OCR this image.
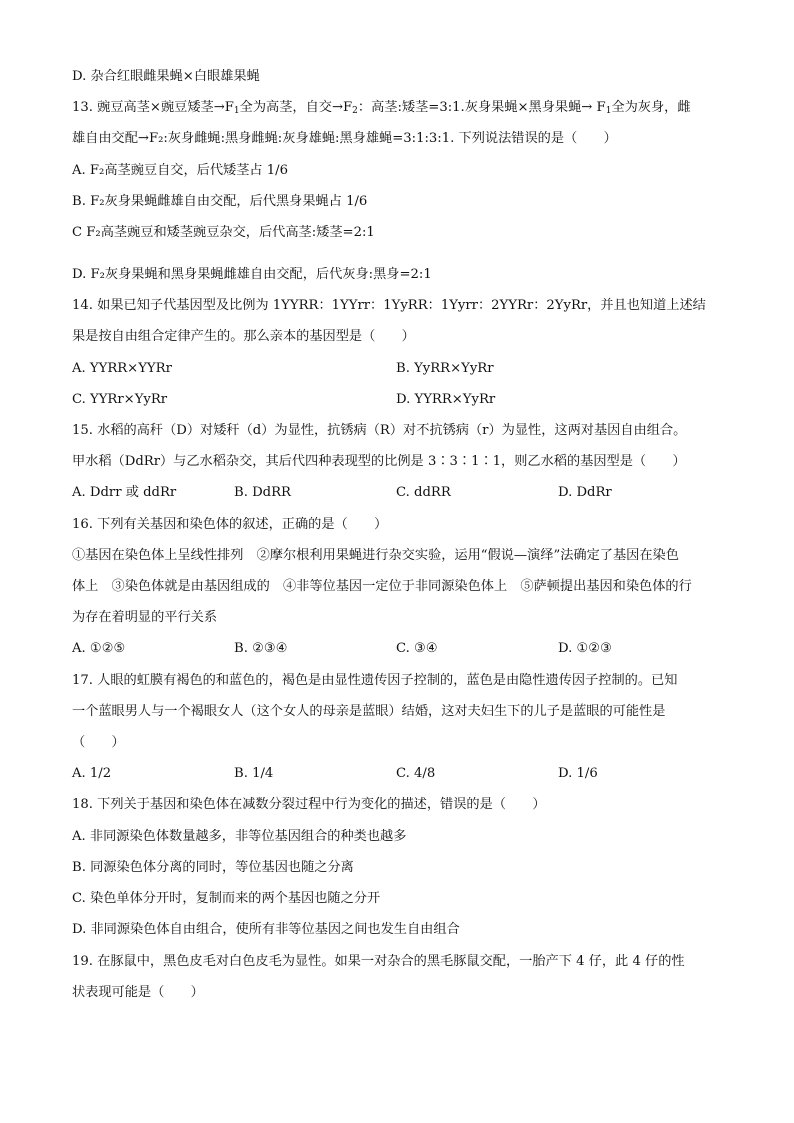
D. 杂合红眼雌果蝇×白眼雄果蝇
13. 豌豆高茎×豌豆矮茎$\to F_1$全为高茎，自交$\to F_2$：高茎:矮茎=3:1.灰身果蝇×黑身果蝇→ $F_1$全为灰身，雌
雄自由交配→F₂:灰身雌蝇:黑身雌蝇:灰身雄蝇:黑身雄蝇=3:1:3:1. 下列说法错误的是（　　）
A. F₂高茎豌豆自交，后代矮茎占 1/6
B. F₂灰身果蝇雌雄自由交配，后代黑身果蝇占 1/6
C F₂高茎豌豆和矮茎豌豆杂交，后代高茎:矮茎=2:1
D. F₂灰身果蝇和黑身果蝇雌雄自由交配，后代灰身:黑身=2:1
14. 如果已知子代基因型及比例为 1YYRR：1YYrr：1YyRR：1Yyrr：2YYRr：2YyRr，并且也知道上述结
果是按自由组合定律产生的。那么亲本的基因型是（　　）
A. YYRR×YYRr	B. YyRR×YyRr
C. YYRr×YyRr	D. YYRR×YyRr
15. 水稻的高秆（D）对矮秆（d）为显性，抗锈病（R）对不抗锈病（r）为显性，这两对基因自由组合。
甲水稻（DdRr）与乙水稻杂交，其后代四种表现型的比例是 3∶3∶1∶1，则乙水稻的基因型是（　　）
A. Ddrr 或 ddRr	B. DdRR	C. ddRR	D. DdRr
16. 下列有关基因和染色体的叙述，正确的是（　　）
①基因在染色体上呈线性排列　②摩尔根利用果蝇进行杂交实验，运用“假说—演绎”法确定了基因在染色
体上　③染色体就是由基因组成的　④非等位基因一定位于非同源染色体上　⑤萨顿提出基因和染色体的行
为存在着明显的平行关系
A. ①②⑤	B. ②③④	C. ③④	D. ①②③
17. 人眼的虹膜有褐色的和蓝色的，褐色是由显性遗传因子控制的，蓝色是由隐性遗传因子控制的。已知
一个蓝眼男人与一个褐眼女人（这个女人的母亲是蓝眼）结婚，这对夫妇生下的儿子是蓝眼的可能性是
（　　）
A. 1/2	B. 1/4	C. 4/8	D. 1/6
18. 下列关于基因和染色体在减数分裂过程中行为变化的描述，错误的是（　　）
A. 非同源染色体数量越多，非等位基因组合的种类也越多
B. 同源染色体分离的同时，等位基因也随之分离
C. 染色单体分开时，复制而来的两个基因也随之分开
D. 非同源染色体自由组合，使所有非等位基因之间也发生自由组合
19. 在豚鼠中，黑色皮毛对白色皮毛为显性。如果一对杂合的黑毛豚鼠交配，一胎产下 4 仔，此 4 仔的性
状表现可能是（　　）
